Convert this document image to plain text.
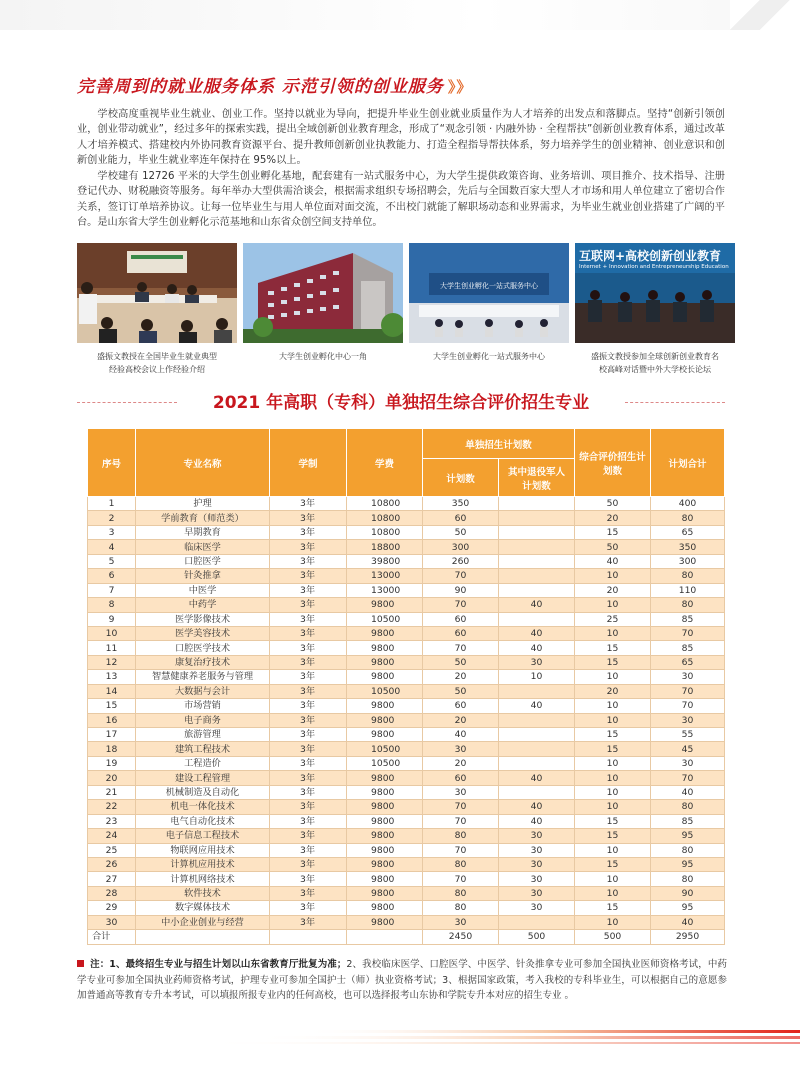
完善周到的就业服务体系 示范引领的创业服务 》》
学校高度重视毕业生就业、创业工作。坚持以就业为导向，把提升毕业生创业就业质量作为人才培养的出发点和落脚点。坚持“创新引领创业，创业带动就业”，经过多年的探索实践，提出全域创新创业教育理念，形成了“观念引领 · 内融外协 · 全程帮扶”创新创业教育体系，通过改革人才培养模式、搭建校内外协同教育资源平台、提升教师创新创业执教能力、打造全程指导帮扶体系，努力培养学生的创业精神、创业意识和创新创业能力，毕业生就业率连年保持在 95%以上。
学校建有 12726 平米的大学生创业孵化基地，配套建有一站式服务中心，为大学生提供政策咨询、业务培训、项目推介、技术指导、注册登记代办、财税融资等服务。每年举办大型供需洽谈会，根据需求组织专场招聘会，先后与全国数百家大型人才市场和用人单位建立了密切合作关系，签订订单培养协议。让每一位毕业生与用人单位面对面交流，不出校门就能了解职场动态和业界需求，为毕业生就业创业搭建了广阔的平台。是山东省大学生创业孵化示范基地和山东省众创空间支持单位。
大学生创业孵化一站式服务中心
互联网+高校创新创业教育
Internet + Innovation and Entrepreneurship Education
盛振文教授在全国毕业生就业典型经验高校会议上作经验介绍
大学生创业孵化中心一角	大学生创业孵化一站式服务中心	盛振文教授参加全球创新创业教育名校高峰对话暨中外大学校长论坛
2021 年高职（专科）单独招生综合评价招生专业
序号	专业名称	学制	学费	单独招生计划数		综合评价招生计划数	计划合计
				计划数	其中退役军人计划数		
1	护理	3年	10800	350		50	400
2	学前教育（师范类）	3年	10800	60		20	80
3	早期教育	3年	10800	50		15	65
4	临床医学	3年	18800	300		50	350
5	口腔医学	3年	39800	260		40	300
6	针灸推拿	3年	13000	70		10	80
7	中医学	3年	13000	90		20	110
8	中药学	3年	9800	70	40	10	80
9	医学影像技术	3年	10500	60		25	85
10	医学美容技术	3年	9800	60	40	10	70
11	口腔医学技术	3年	9800	70	40	15	85
12	康复治疗技术	3年	9800	50	30	15	65
13	智慧健康养老服务与管理	3年	9800	20	10	10	30
14	大数据与会计	3年	10500	50		20	70
15	市场营销	3年	9800	60	40	10	70
16	电子商务	3年	9800	20		10	30
17	旅游管理	3年	9800	40		15	55
18	建筑工程技术	3年	10500	30		15	45
19	工程造价	3年	10500	20		10	30
20	建设工程管理	3年	9800	60	40	10	70
21	机械制造及自动化	3年	9800	30		10	40
22	机电一体化技术	3年	9800	70	40	10	80
23	电气自动化技术	3年	9800	70	40	15	85
24	电子信息工程技术	3年	9800	80	30	15	95
25	物联网应用技术	3年	9800	70	30	10	80
26	计算机应用技术	3年	9800	80	30	15	95
27	计算机网络技术	3年	9800	70	30	10	80
28	软件技术	3年	9800	80	30	10	90
29	数字媒体技术	3年	9800	80	30	15	95
30	中小企业创业与经营	3年	9800	30		10	40
合计				2450	500	500	2950
注：1、最终招生专业与招生计划以山东省教育厅批复为准；2、我校临床医学、口腔医学、中医学、针灸推拿专业可参加全国执业医师资格考试，中药学专业可参加全国执业药师资格考试，护理专业可参加全国护士（师）执业资格考试；3、根据国家政策，考入我校的专科毕业生，可以根据自己的意愿参加普通高等教育专升本考试，可以填报所报专业内的任何高校，也可以选择报考山东协和学院专升本对应的招生专业 。
